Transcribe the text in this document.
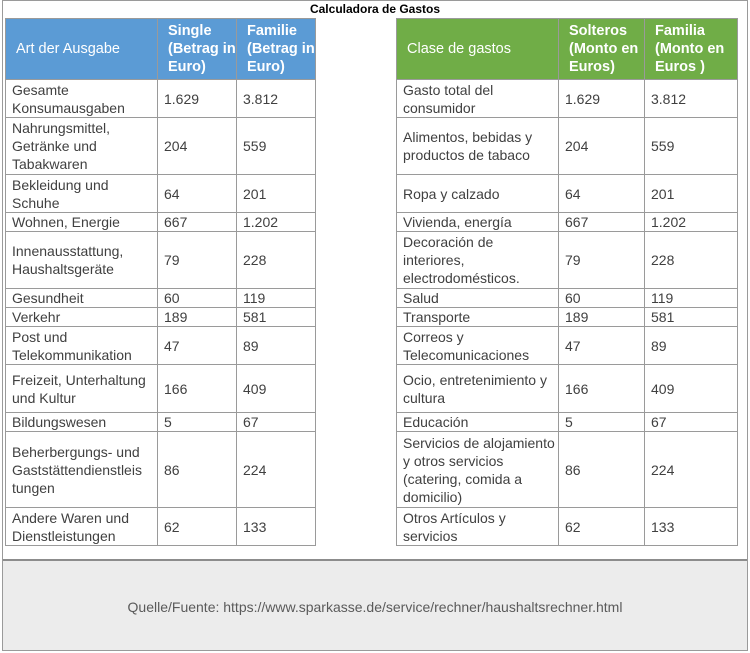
Calculadora de Gastos
Art der Ausgabe	Single (Betrag in Euro)	Familie (Betrag in Euro)		Clase de gastos	Solteros (Monto en Euros)	Familia (Monto en Euros )
Gesamte Konsumausgaben	1.629	3.812		Gasto total del consumidor	1.629	3.812
Nahrungsmittel, Getränke und Tabakwaren	204	559		Alimentos, bebidas y productos de tabaco	204	559
Bekleidung und Schuhe	64	201		Ropa y calzado	64	201
Wohnen, Energie	667	1.202		Vivienda, energía	667	1.202
Innenausstattung, Haushaltsgeräte	79	228		Decoración de interiores, electrodomésticos.	79	228
Gesundheit	60	119		Salud	60	119
Verkehr	189	581		Transporte	189	581
Post und Telekommunikation	47	89		Correos y Telecomunicaciones	47	89
Freizeit, Unterhaltung und Kultur	166	409		Ocio, entretenimiento y cultura	166	409
Bildungswesen	5	67		Educación	5	67
Beherbergungs- und Gaststättendienstleis tungen	86	224		Servicios de alojamiento y otros servicios (catering, comida a domicilio)	86	224
Andere Waren und Dienstleistungen	62	133		Otros Artículos y servicios	62	133
Quelle/Fuente: https://www.sparkasse.de/service/rechner/haushaltsrechner.html
